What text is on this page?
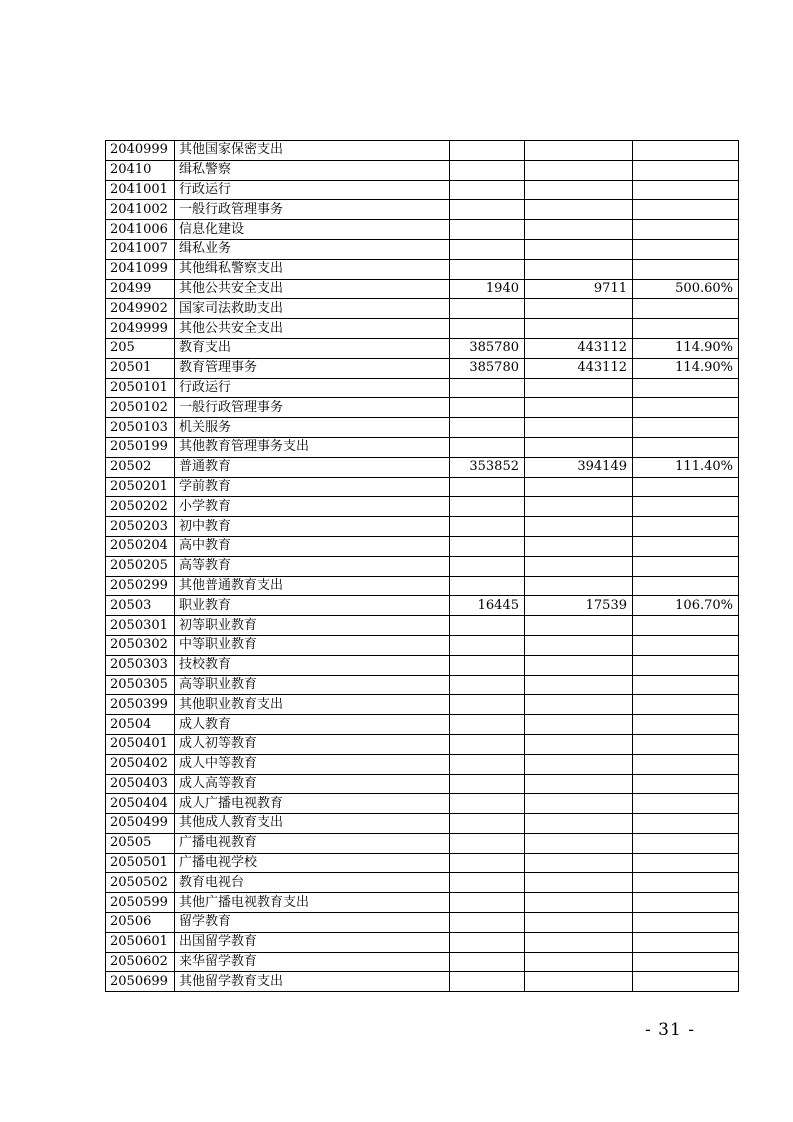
2040999	其他国家保密支出			
20410	缉私警察			
2041001	行政运行			
2041002	一般行政管理事务			
2041006	信息化建设			
2041007	缉私业务			
2041099	其他缉私警察支出			
20499	其他公共安全支出	1940	9711	500.60%
2049902	国家司法救助支出			
2049999	其他公共安全支出			
205	教育支出	385780	443112	114.90%
20501	教育管理事务	385780	443112	114.90%
2050101	行政运行			
2050102	一般行政管理事务			
2050103	机关服务			
2050199	其他教育管理事务支出			
20502	普通教育	353852	394149	111.40%
2050201	学前教育			
2050202	小学教育			
2050203	初中教育			
2050204	高中教育			
2050205	高等教育			
2050299	其他普通教育支出			
20503	职业教育	16445	17539	106.70%
2050301	初等职业教育			
2050302	中等职业教育			
2050303	技校教育			
2050305	高等职业教育			
2050399	其他职业教育支出			
20504	成人教育			
2050401	成人初等教育			
2050402	成人中等教育			
2050403	成人高等教育			
2050404	成人广播电视教育			
2050499	其他成人教育支出			
20505	广播电视教育			
2050501	广播电视学校			
2050502	教育电视台			
2050599	其他广播电视教育支出			
20506	留学教育			
2050601	出国留学教育			
2050602	来华留学教育			
2050699	其他留学教育支出			
- 31 -
